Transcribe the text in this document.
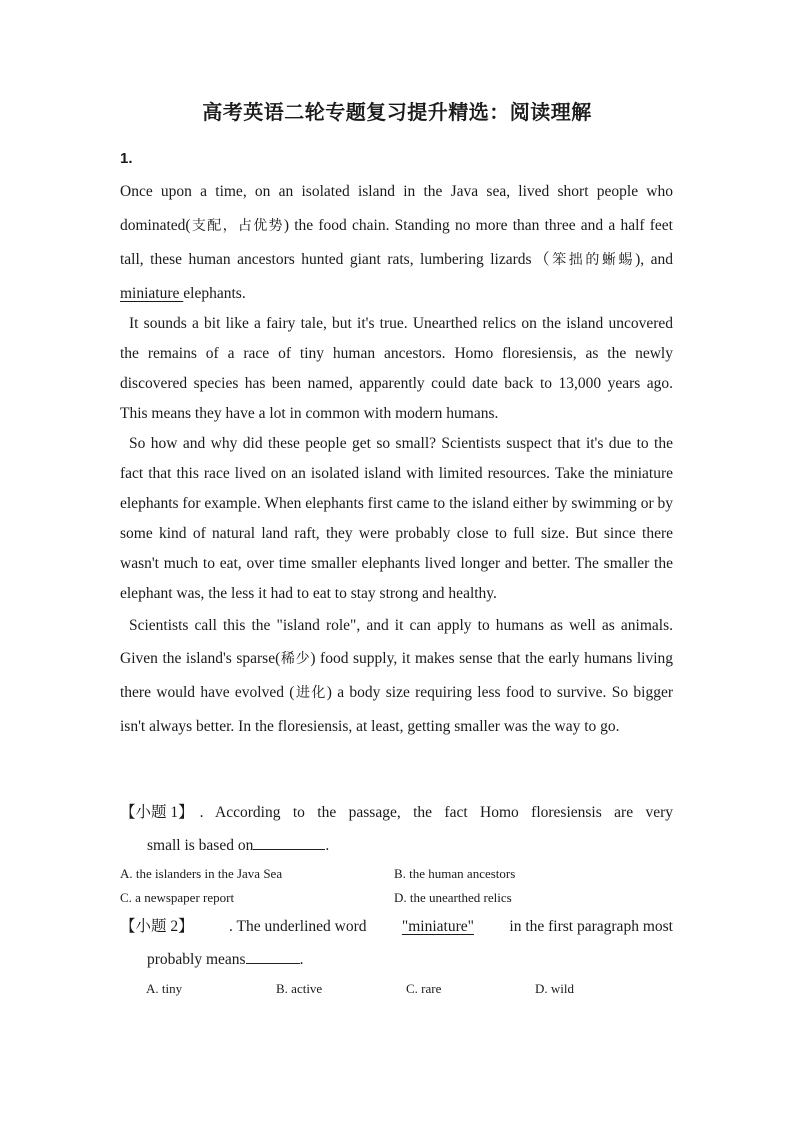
高考英语二轮专题复习提升精选：阅读理解
1.

Once upon a time, on an isolated island in the Java sea, lived short people who dominated(支配，占优势) the food chain. Standing no more than three and a half feet tall, these human ancestors hunted giant rats, lumbering lizards（笨拙的蜥蜴), and miniature elephants.

It sounds a bit like a fairy tale, but it's true. Unearthed relics on the island uncovered the remains of a race of tiny human ancestors. Homo floresiensis, as the newly discovered species has been named, apparently could date back to 13,000 years ago. This means they have a lot in common with modern humans.

So how and why did these people get so small? Scientists suspect that it's due to the fact that this race lived on an isolated island with limited resources. Take the miniature elephants for example. When elephants first came to the island either by swimming or by some kind of natural land raft, they were probably close to full size. But since there wasn't much to eat, over time smaller elephants lived longer and better. The smaller the elephant was, the less it had to eat to stay strong and healthy.

Scientists call this the "island role", and it can apply to humans as well as animals. Given the island's sparse(稀少) food supply, it makes sense that the early humans living there would have evolved (进化) a body size requiring less food to survive. So bigger isn't always better. In the floresiensis, at least, getting smaller was the way to go.

【小题 1】 . According to the passage, the fact Homo floresiensis are very
small is based on	.
A. the islanders in the Java Sea	B. the human ancestors
C. a newspaper report	D. the unearthed relics
【小题 2】 . The underlined word "miniature" in the first paragraph most
probably means	.
A. tiny	B. active	C. rare	D. wild
